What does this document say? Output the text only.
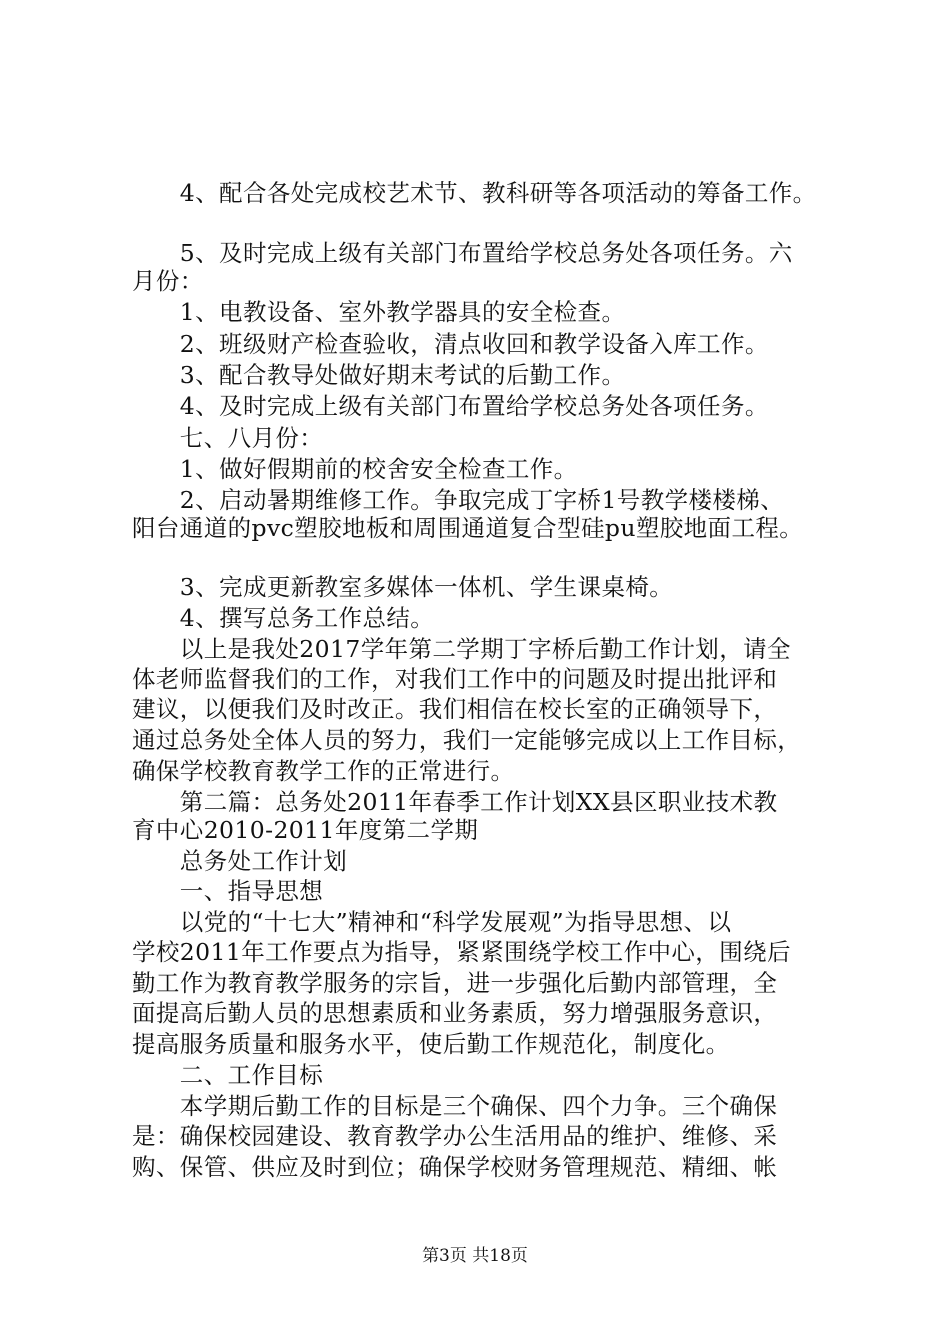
　　4、配合各处完成校艺术节、教科研等各项活动的筹备工作。
　　5、及时完成上级有关部门布置给学校总务处各项任务。六
月份：
　　1、电教设备、室外教学器具的安全检查。
　　2、班级财产检查验收，清点收回和教学设备入库工作。
　　3、配合教导处做好期末考试的后勤工作。
　　4、及时完成上级有关部门布置给学校总务处各项任务。
　　七、八月份：
　　1、做好假期前的校舍安全检查工作。
　　2、启动暑期维修工作。争取完成丁字桥1号教学楼楼梯、
阳台通道的pvc塑胶地板和周围通道复合型硅pu塑胶地面工程。
　　3、完成更新教室多媒体一体机、学生课桌椅。
　　4、撰写总务工作总结。
　　以上是我处2017学年第二学期丁字桥后勤工作计划，请全
体老师监督我们的工作，对我们工作中的问题及时提出批评和
建议，以便我们及时改正。我们相信在校长室的正确领导下，
通过总务处全体人员的努力，我们一定能够完成以上工作目标，
确保学校教育教学工作的正常进行。
　　第二篇：总务处2011年春季工作计划XX县区职业技术教
育中心2010-2011年度第二学期
　　总务处工作计划
　　一、指导思想
　　以党的“十七大”精神和“科学发展观”为指导思想、以
学校2011年工作要点为指导，紧紧围绕学校工作中心，围绕后
勤工作为教育教学服务的宗旨，进一步强化后勤内部管理，全
面提高后勤人员的思想素质和业务素质，努力增强服务意识，
提高服务质量和服务水平，使后勤工作规范化，制度化。
　　二、工作目标
　　本学期后勤工作的目标是三个确保、四个力争。三个确保
是：确保校园建设、教育教学办公生活用品的维护、维修、采
购、保管、供应及时到位；确保学校财务管理规范、精细、帐
第3页 共18页
